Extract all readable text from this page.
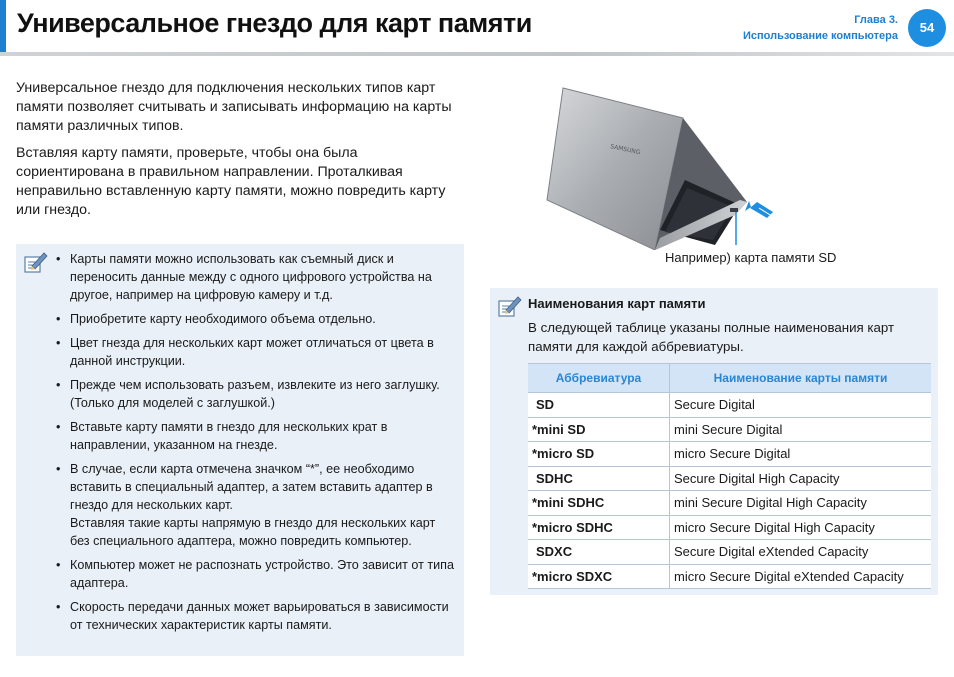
Универсальное гнездо для карт памяти	Глава 3.
Использование компьютера
54

Универсальное гнездо для подключения нескольких типов карт памяти позволяет считывать и записывать информацию на карты памяти различных типов.

Вставляя карту памяти, проверьте, чтобы она была сориентирована в правильном направлении. Проталкивая неправильно вставленную карту памяти, можно повредить карту или гнездо.

• Карты памяти можно использовать как съемный диск и переносить данные между с одного цифрового устройства на другое, например на цифровую камеру и т.д.
• Приобретите карту необходимого объема отдельно.
• Цвет гнезда для нескольких карт может отличаться от цвета в данной инструкции.
• Прежде чем использовать разъем, извлеките из него заглушку. (Только для моделей с заглушкой.)
• Вставьте карту памяти в гнездо для нескольких крат в направлении, указанном на гнезде.
• В случае, если карта отмечена значком “*”, ее необходимо вставить в специальный адаптер, а затем вставить адаптер в гнездо для нескольких карт.
Вставляя такие карты напрямую в гнездо для нескольких карт без специального адаптера, можно повредить компьютер.
• Компьютер может не распознать устройство. Это зависит от типа адаптера.
• Скорость передачи данных может варьироваться в зависимости от технических характеристик карты памяти.
SAMSUNG
Например) карта памяти SD
Наименования карт памяти
В следующей таблице указаны полные наименования карт памяти для каждой аббревиатуры.
Аббревиатура	Наименование карты памяти
SD	Secure Digital
*mini SD	mini Secure Digital
*micro SD	micro Secure Digital
SDHC	Secure Digital High Capacity
*mini SDHC	mini Secure Digital High Capacity
*micro SDHC	micro Secure Digital High Capacity
SDXC	Secure Digital eXtended Capacity
*micro SDXC	micro Secure Digital eXtended Capacity
